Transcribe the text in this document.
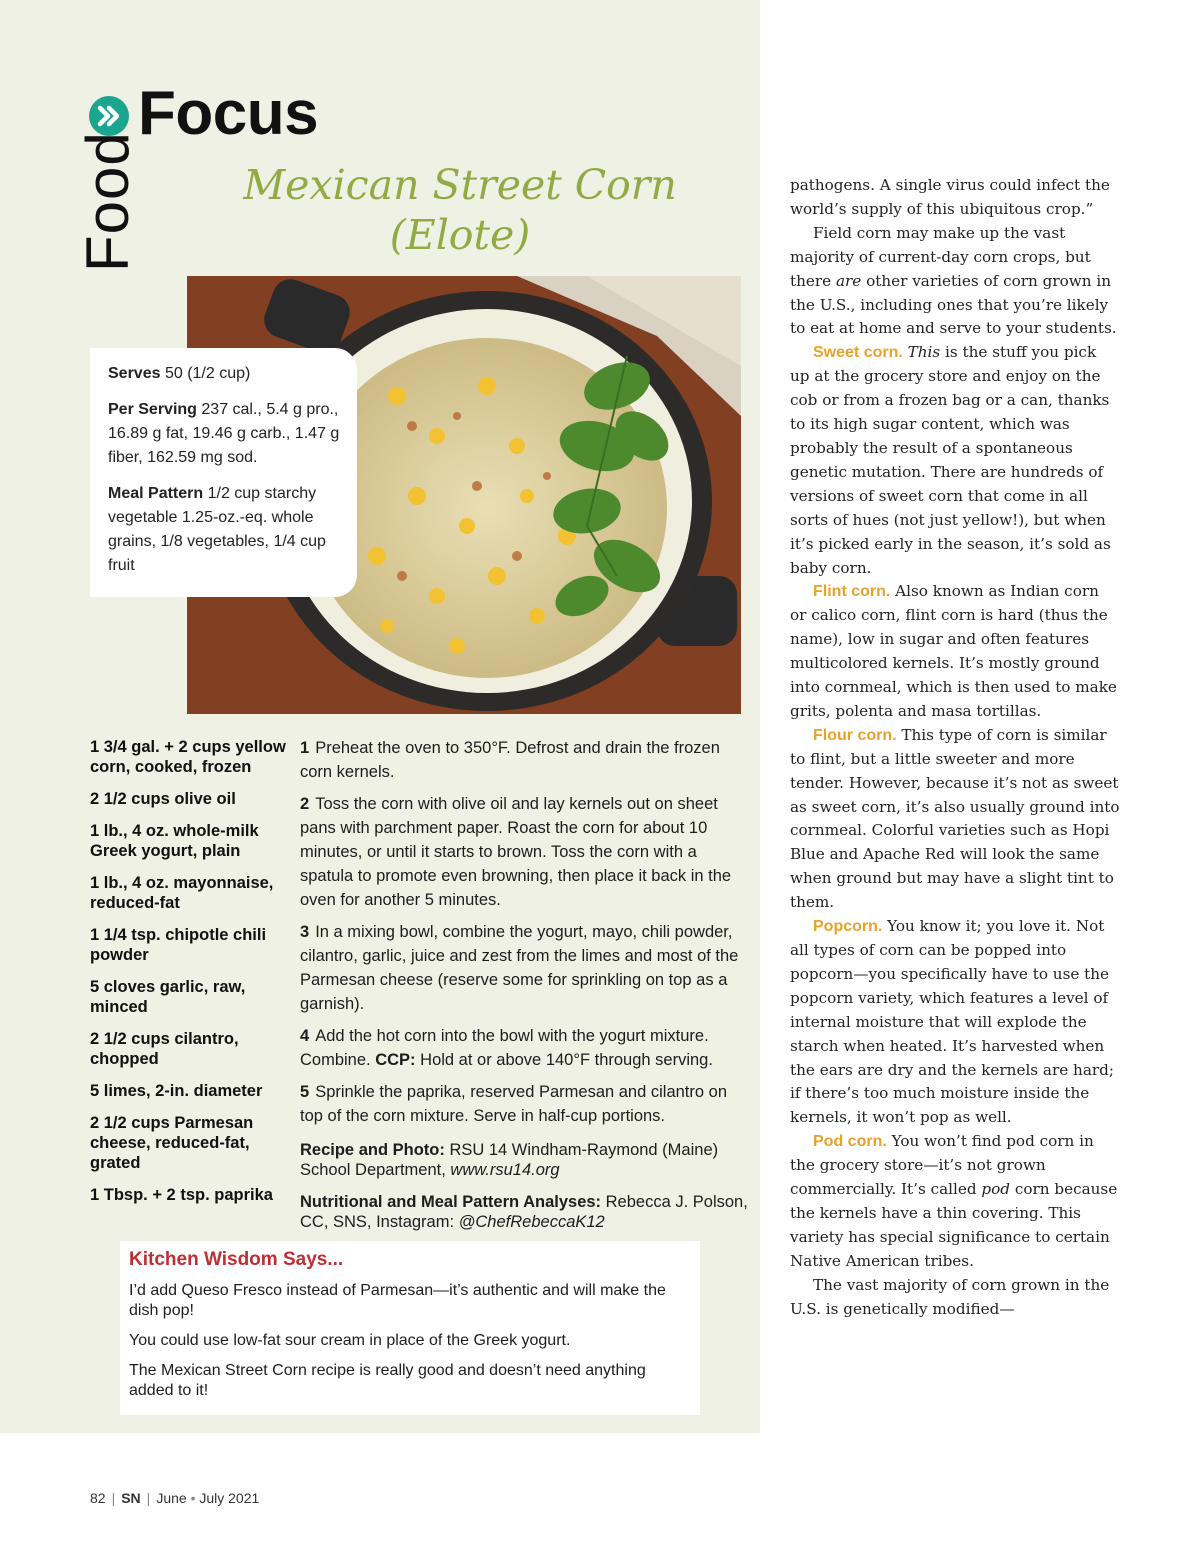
Focus
Food	Mexican Street Corn
(Elote)

Serves 50 (1/2 cup)

Per Serving 237 cal., 5.4 g pro., 16.89 g fat, 19.46 g carb., 1.47 g fiber, 162.59 mg sod.

Meal Pattern 1/2 cup starchy vegetable 1.25-oz.-eq. whole grains, 1/8 vegetables, 1/4 cup fruit

1 3/4 gal. + 2 cups yellow corn, cooked, frozen
2 1/2 cups olive oil
1 lb., 4 oz. whole-milk Greek yogurt, plain
1 lb., 4 oz. mayonnaise, reduced-fat
1 1/4 tsp. chipotle chili powder
5 cloves garlic, raw, minced
2 1/2 cups cilantro, chopped
5 limes, 2-in. diameter
2 1/2 cups Parmesan cheese, reduced-fat, grated
1 Tbsp. + 2 tsp. paprika

1 Preheat the oven to 350°F. Defrost and drain the frozen corn kernels.

2 Toss the corn with olive oil and lay kernels out on sheet pans with parchment paper. Roast the corn for about 10 minutes, or until it starts to brown. Toss the corn with a spatula to promote even browning, then place it back in the oven for another 5 minutes.

3 In a mixing bowl, combine the yogurt, mayo, chili powder, cilantro, garlic, juice and zest from the limes and most of the Parmesan cheese (reserve some for sprinkling on top as a garnish).

4 Add the hot corn into the bowl with the yogurt mixture. Combine. CCP: Hold at or above 140°F through serving.

5 Sprinkle the paprika, reserved Parmesan and cilantro on top of the corn mixture. Serve in half-cup portions.

Recipe and Photo: RSU 14 Windham-Raymond (Maine) School Department, www.rsu14.org

Nutritional and Meal Pattern Analyses: Rebecca J. Polson, CC, SNS, Instagram: @ChefRebeccaK12

Kitchen Wisdom Says...

I’d add Queso Fresco instead of Parmesan—it’s authentic and will make the dish pop!

You could use low-fat sour cream in place of the Greek yogurt.

The Mexican Street Corn recipe is really good and doesn’t need anything added to it!

pathogens. A single virus could infect the world’s supply of this ubiquitous crop.”

Field corn may make up the vast majority of current-day corn crops, but there are other varieties of corn grown in the U.S., including ones that you’re likely to eat at home and serve to your students.

Sweet corn. This is the stuff you pick up at the grocery store and enjoy on the cob or from a frozen bag or a can, thanks to its high sugar content, which was probably the result of a spontaneous genetic mutation. There are hundreds of versions of sweet corn that come in all sorts of hues (not just yellow!), but when it’s picked early in the season, it’s sold as baby corn.

Flint corn. Also known as Indian corn or calico corn, flint corn is hard (thus the name), low in sugar and often features multicolored kernels. It’s mostly ground into cornmeal, which is then used to make grits, polenta and masa tortillas.

Flour corn. This type of corn is similar to flint, but a little sweeter and more tender. However, because it’s not as sweet as sweet corn, it’s also usually ground into cornmeal. Colorful varieties such as Hopi Blue and Apache Red will look the same when ground but may have a slight tint to them.

Popcorn. You know it; you love it. Not all types of corn can be popped into popcorn—you specifically have to use the popcorn variety, which features a level of internal moisture that will explode the starch when heated. It’s harvested when the ears are dry and the kernels are hard; if there’s too much moisture inside the kernels, it won’t pop as well.

Pod corn. You won’t find pod corn in the grocery store—it’s not grown commercially. It’s called pod corn because the kernels have a thin covering. This variety has special significance to certain Native American tribes.

The vast majority of corn grown in the U.S. is genetically modified—

82 | SN | June • July 2021
